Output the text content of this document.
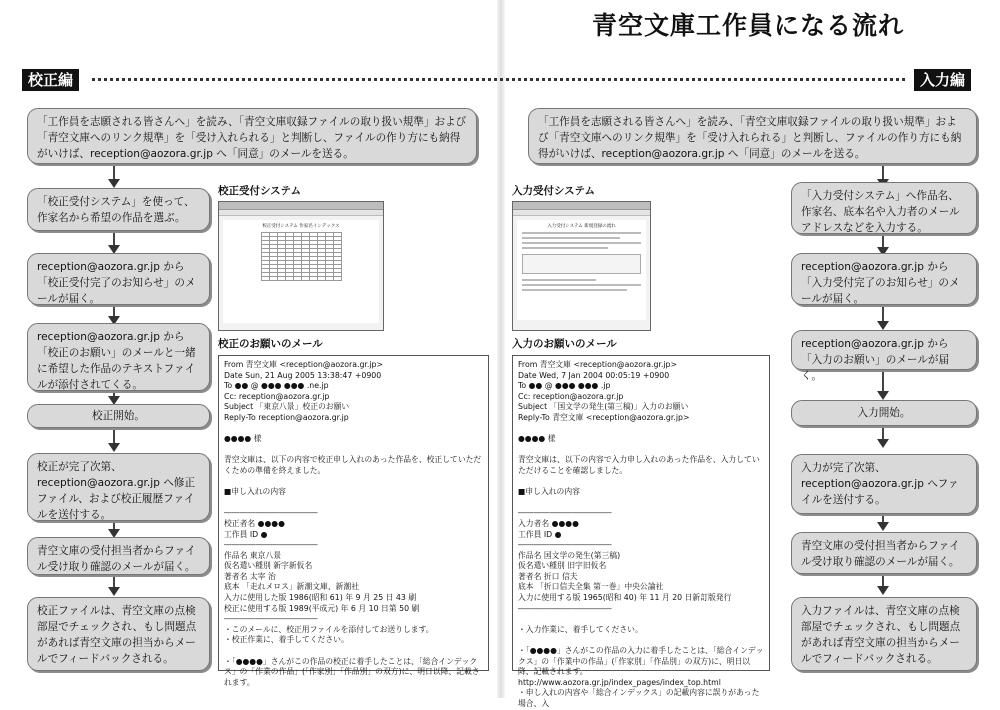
青空文庫工作員になる流れ
校正編	入力編
「工作員を志願される皆さんへ」を読み、「青空文庫収録ファイルの取り扱い規準」および「青空文庫へのリンク規準」を「受け入れられる」と判断し、ファイルの作り方にも納得がいけば、reception@aozora.gr.jp へ「同意」のメールを送る。
「校正受付システム」を使って、作家名から希望の作品を選ぶ。
reception@aozora.gr.jp から「校正受付完了のお知らせ」のメールが届く。
reception@aozora.gr.jp から「校正のお願い」のメールと一緒に希望した作品のテキストファイルが添付されてくる。
校正開始。
校正が完了次第、reception@aozora.gr.jp へ修正ファイル、および校正履歴ファイルを送付する。
青空文庫の受付担当者からファイル受け取り確認のメールが届く。
校正ファイルは、青空文庫の点検部屋でチェックされ、もし問題点があれば青空文庫の担当からメールでフィードバックされる。
校正受付システム
校正受付システム 作家名インデックス

校正のお願いのメール
From 青空文庫 <reception@aozora.gr.jp>
Date Sun, 21 Aug 2005 13:38:47 +0900
To ●● @ ●●● ●●● .ne.jp
Cc: reception@aozora.gr.jp
Subject 「東京八景」校正のお願い
Reply-To reception@aozora.gr.jp
●●●● 様
青空文庫は、以下の内容で校正申し入れのあった作品を、校正していただくための準備を終えました。
■申し入れの内容
――――――――――――
校正者名 ●●●●
工作員 ID ●
――――――――――――
作品名 東京八景
仮名遣い種別 新字新仮名
著者名 太宰 治
底本 「走れメロス」新潮文庫、新潮社
入力に使用した版 1986(昭和 61) 年 9 月 25 日 43 刷
校正に使用する版 1989(平成元) 年 6 月 10 日第 50 刷
――――――――――――
・このメールに、校正用ファイルを添付してお送りします。
・校正作業に、着手してください。
・「●●●●」さんがこの作品の校正に着手したことは、「総合インデックス」の「作業の作品」(「作家別」「作品別」の双方)に、明日以降、記載されます。
「工作員を志願される皆さんへ」を読み、「青空文庫収録ファイルの取り扱い規準」および「青空文庫へのリンク規準」を「受け入れられる」と判断し、ファイルの作り方にも納得がいけば、reception@aozora.gr.jp へ「同意」のメールを送る。
「入力受付システム」へ作品名、作家名、底本名や入力者のメールアドレスなどを入力する。
reception@aozora.gr.jp から「入力受付完了のお知らせ」のメールが届く。
reception@aozora.gr.jp から「入力のお願い」のメールが届く。
入力開始。
入力が完了次第、reception@aozora.gr.jp へファイルを送付する。
青空文庫の受付担当者からファイル受け取り確認のメールが届く。
入力ファイルは、青空文庫の点検部屋でチェックされ、もし問題点があれば青空文庫の担当からメールでフィードバックされる。
入力受付システム
入力受付システム 新規登録の流れ
入力のお願いのメール
From 青空文庫 <reception@aozora.gr.jp>
Date Wed, 7 Jan 2004 00:05:19 +0900
To ●● @ ●●● ●●● .jp
Cc: reception@aozora.gr.jp
Subject 「国文学の発生(第三稿)」入力のお願い
Reply-To 青空文庫 <reception@aozora.gr.jp>
●●●● 様
青空文庫は、以下の内容で入力申し入れのあった作品を、入力していただけることを確認しました。
■申し入れの内容
――――――――――――
入力者名 ●●●●
工作員 ID ●
――――――――――――
作品名 国文学の発生(第三稿)
仮名遣い種別 旧字旧仮名
著者名 折口 信夫
底本 「折口信夫全集 第一巻」中央公論社
入力に使用する版 1965(昭和 40) 年 11 月 20 日新訂版発行
――――――――――――
・入力作業に、着手してください。
・「●●●●」さんがこの作品の入力に着手したことは、「総合インデックス」の「作業中の作品」(「作家別」「作品別」の双方)に、明日以降、記載されます。
http://www.aozora.gr.jp/index_pages/index_top.html
・申し入れの内容や「総合インデックス」の記載内容に誤りがあった場合、入
